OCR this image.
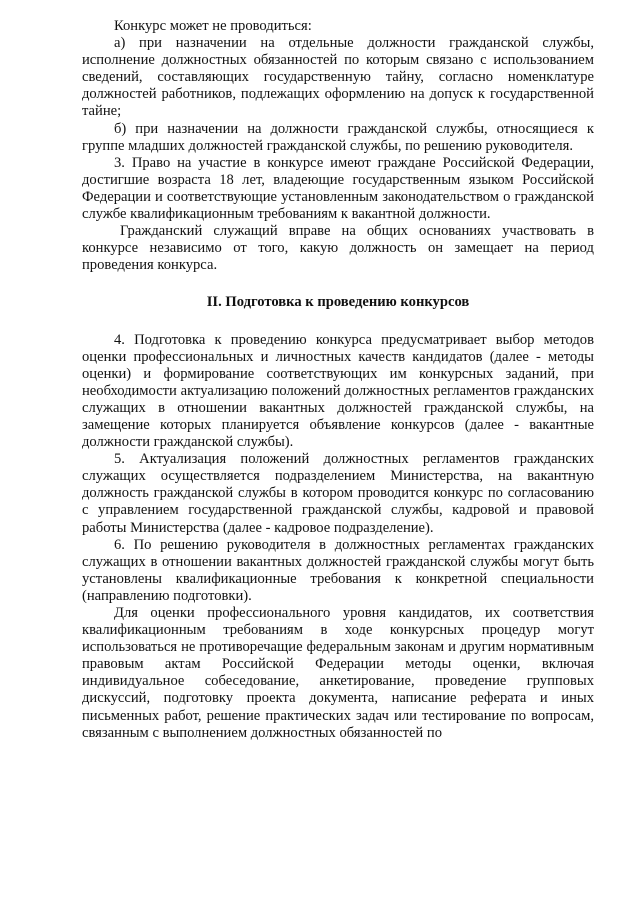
Конкурс может не проводиться:

а) при назначении на отдельные должности гражданской службы, исполнение должностных обязанностей по которым связано с использованием сведений, составляющих государственную тайну, согласно номенклатуре должностей работников, подлежащих оформлению на допуск к государственной тайне;

б) при назначении на должности гражданской службы, относящиеся к группе младших должностей гражданской службы, по решению руководителя.

3. Право на участие в конкурсе имеют граждане Российской Федерации, достигшие возраста 18 лет, владеющие государственным языком Российской Федерации и соответствующие установленным законодательством о гражданской службе квалификационным требованиям к вакантной должности.

Гражданский служащий вправе на общих основаниях участвовать в конкурсе независимо от того, какую должность он замещает на период проведения конкурса.

II. Подготовка к проведению конкурсов

4. Подготовка к проведению конкурса предусматривает выбор методов оценки профессиональных и личностных качеств кандидатов (далее - методы оценки) и формирование соответствующих им конкурсных заданий, при необходимости актуализацию положений должностных регламентов гражданских служащих в отношении вакантных должностей гражданской службы, на замещение которых планируется объявление конкурсов (далее - вакантные должности гражданской службы).

5. Актуализация положений должностных регламентов гражданских служащих осуществляется подразделением Министерства, на вакантную должность гражданской службы в котором проводится конкурс по согласованию с управлением государственной гражданской службы, кадровой и правовой работы Министерства (далее - кадровое подразделение).

6. По решению руководителя в должностных регламентах гражданских служащих в отношении вакантных должностей гражданской службы могут быть установлены квалификационные требования к конкретной специальности (направлению подготовки).

Для оценки профессионального уровня кандидатов, их соответствия квалификационным требованиям в ходе конкурсных процедур могут использоваться не противоречащие федеральным законам и другим нормативным правовым актам Российской Федерации методы оценки, включая индивидуальное собеседование, анкетирование, проведение групповых дискуссий, подготовку проекта документа, написание реферата и иных письменных работ, решение практических задач или тестирование по вопросам, связанным с выполнением должностных обязанностей по
